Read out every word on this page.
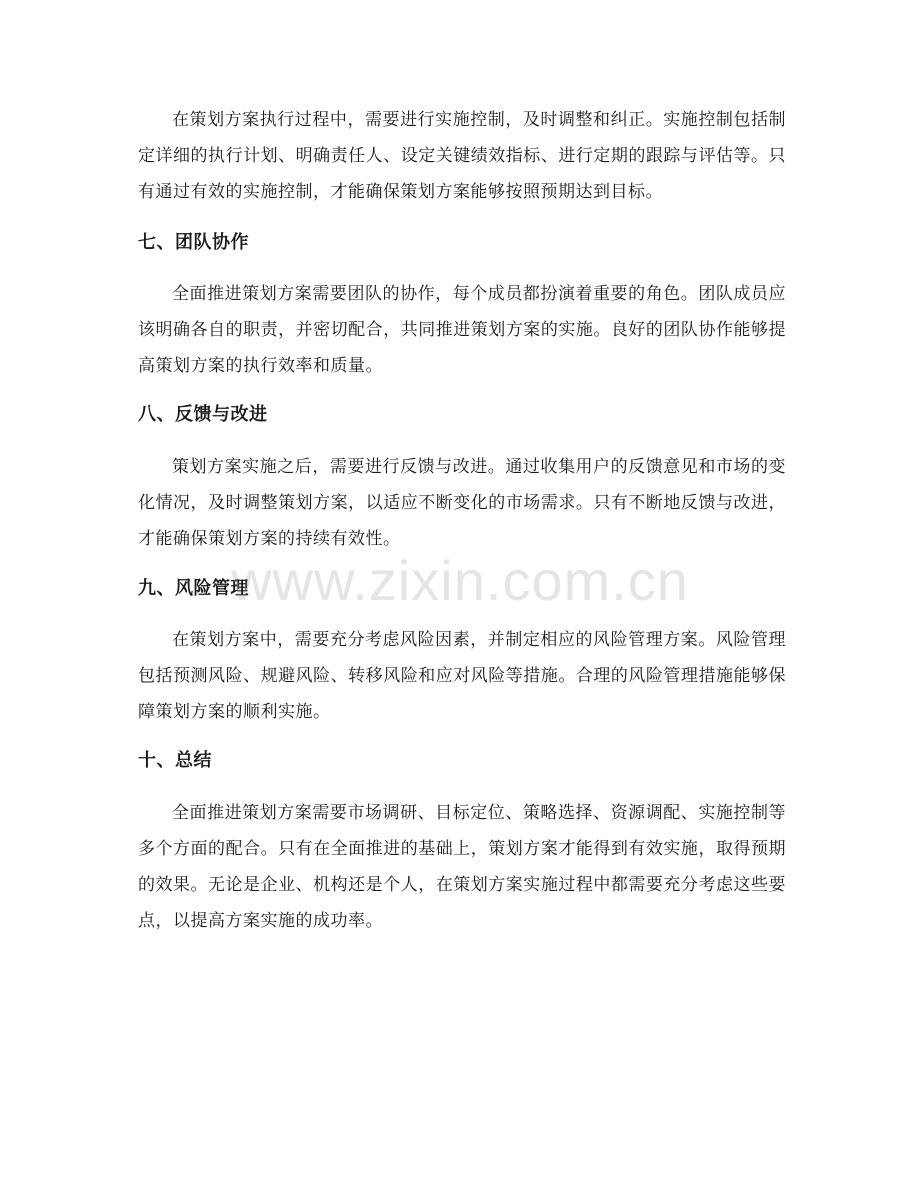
在策划方案执行过程中，需要进行实施控制，及时调整和纠正。实施控制包括制定详细的执行计划、明确责任人、设定关键绩效指标、进行定期的跟踪与评估等。只有通过有效的实施控制，才能确保策划方案能够按照预期达到目标。

七、团队协作

全面推进策划方案需要团队的协作，每个成员都扮演着重要的角色。团队成员应该明确各自的职责，并密切配合，共同推进策划方案的实施。良好的团队协作能够提高策划方案的执行效率和质量。

八、反馈与改进

策划方案实施之后，需要进行反馈与改进。通过收集用户的反馈意见和市场的变化情况，及时调整策划方案，以适应不断变化的市场需求。只有不断地反馈与改进，才能确保策划方案的持续有效性。

九、风险管理

在策划方案中，需要充分考虑风险因素，并制定相应的风险管理方案。风险管理包括预测风险、规避风险、转移风险和应对风险等措施。合理的风险管理措施能够保障策划方案的顺利实施。

十、总结

全面推进策划方案需要市场调研、目标定位、策略选择、资源调配、实施控制等多个方面的配合。只有在全面推进的基础上，策划方案才能得到有效实施，取得预期的效果。无论是企业、机构还是个人，在策划方案实施过程中都需要充分考虑这些要点，以提高方案实施的成功率。

www.zixin.com.cn
